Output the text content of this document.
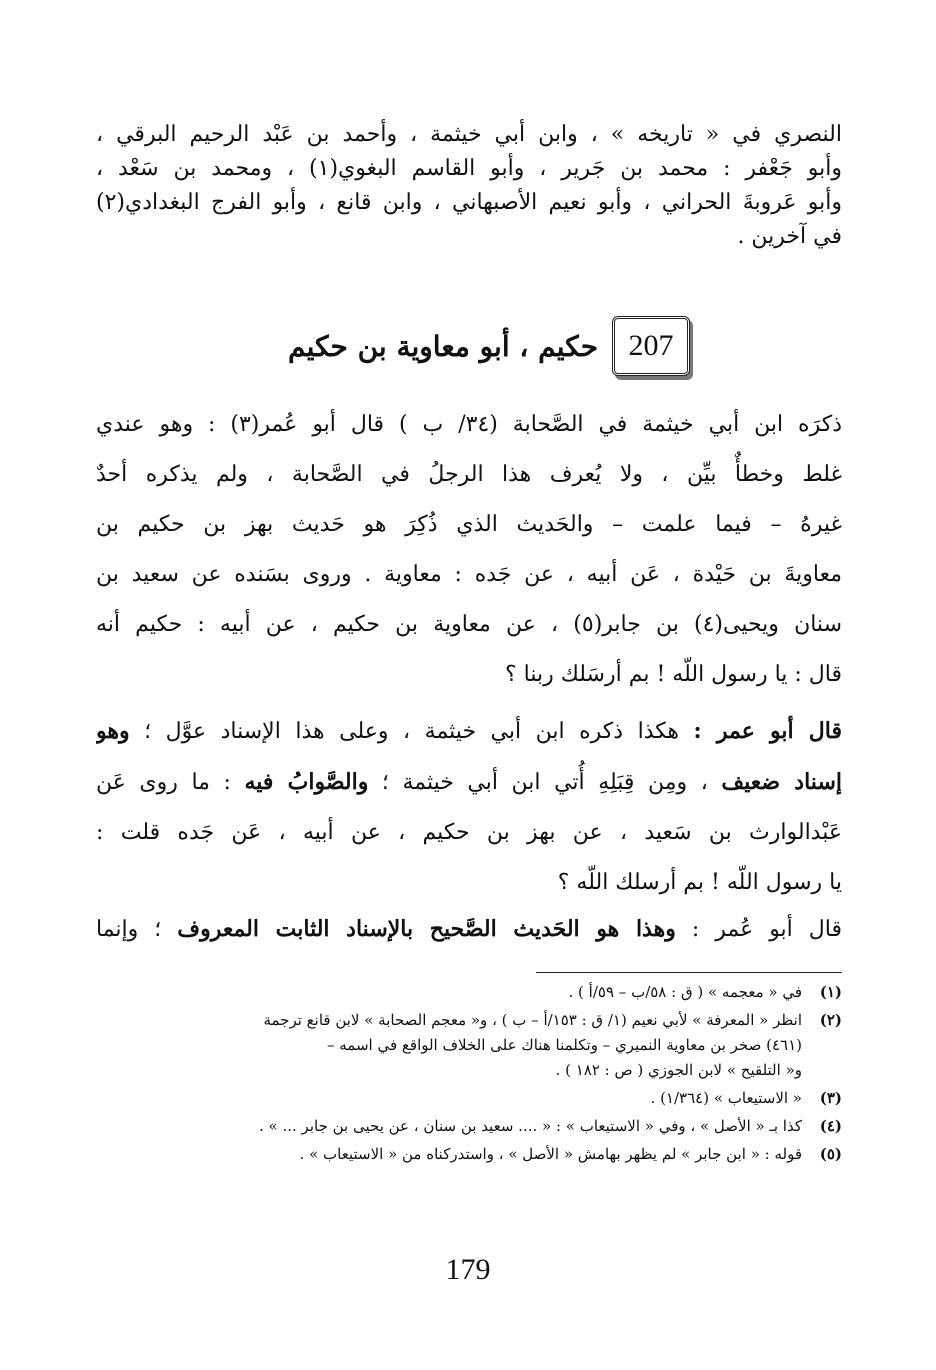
النصري في « تاريخه » ، وابن أبي خيثمة ، وأحمد بن عَبْد الرحيم البرقي ،
وأبو جَعْفر : محمد بن جَرير ، وأبو القاسم البغوي(١) ، ومحمد بن سَعْد ،
وأبو عَروبةَ الحراني ، وأبو نعيم الأصبهاني ، وابن قانع ، وأبو الفرج البغدادي(٢)
في آخرين .
207
حكيم ، أبو معاوية بن حكيم
ذكرَه ابن أبي خيثمة في الصَّحابة (٣٤/ ب ) قال أبو عُمر(٣) : وهو عندي
غلط وخطأٌ بيِّن ، ولا يُعرف هذا الرجلُ في الصَّحابة ، ولم يذكره أحدٌ
غيرهُ – فيما علمت – والحَديث الذي ذُكِرَ هو حَديث بهز بن حكيم بن
معاويةَ بن حَيْدة ، عَن أبيه ، عن جَده : معاوية . وروى بسَنده عن سعيد بن
سنان ويحيى(٤) بن جابر(٥) ، عن معاوية بن حكيم ، عن أبيه : حكيم أنه
قال : يا رسول اللّه ! بم أرسَلك ربنا ؟
قال أبو عمر : هكذا ذكره ابن أبي خيثمة ، وعلى هذا الإسناد عوَّل ؛ وهو
إسناد ضعيف ، ومِن قِبَلِهِ أُتي ابن أبي خيثمة ؛ والصَّوابُ فيه : ما روى عَن
عَبْدالوارث بن سَعيد ، عن بهز بن حكيم ، عن أبيه ، عَن جَده قلت :
يا رسول اللّه ! بم أرسلك اللّه ؟
قال أبو عُمر : وهذا هو الحَديث الصَّحيح بالإسناد الثابت المعروف ؛ وإنما
(١)
في « معجمه » ( ق : ٥٨/ب – ٥٩/أ ) .
(٢)
انظر « المعرفة » لأبي نعيم (١/ ق : ١٥٣/أ – ب ) ، و« معجم الصحابة » لابن قانع ترجمة
(٤٦١) صخر بن معاوية النميري – وتكلمنا هناك على الخلاف الواقع في اسمه –
و« التلقيح » لابن الجوزي ( ص : ١٨٢ ) .
(٣)
« الاستيعاب » (١/٣٦٤) .
(٤)
كذا بـ « الأصل » ، وفي « الاستيعاب » : « .... سعيد بن سنان ، عن يحيى بن جابر ... » .
(٥)
قوله : « ابن جابر » لم يظهر بهامش « الأصل » ، واستدركناه من « الاستيعاب » .
179
